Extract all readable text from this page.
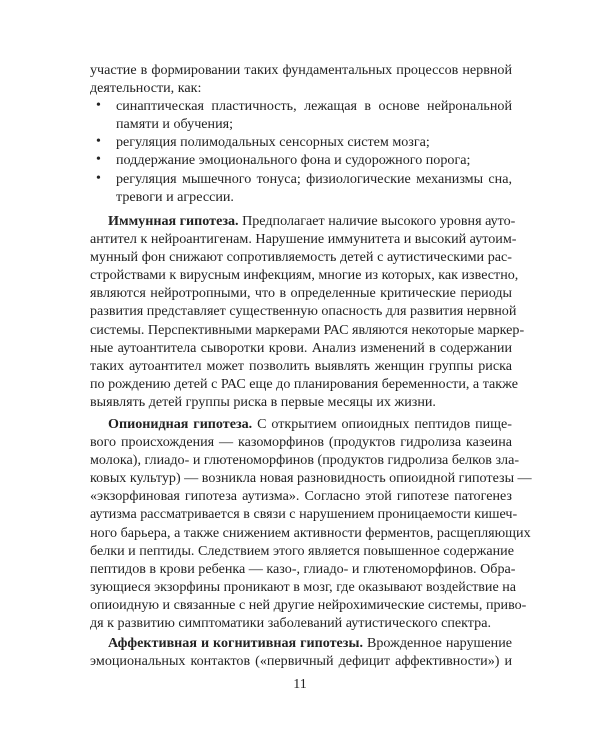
участие в формировании таких фундаментальных процессов нервной
деятельности, как:
•	синаптическая пластичность, лежащая в основе нейрональной
памяти и обучения;
•	регуляция полимодальных сенсорных систем мозга;
•	поддержание эмоционального фона и судорожного порога;
•	регуляция мышечного тонуса; физиологические механизмы сна,
тревоги и агрессии.
Иммунная гипотеза. Предполагает наличие высокого уровня ауто-
антител к нейроантигенам. Нарушение иммунитета и высокий аутоим-
мунный фон снижают сопротивляемость детей с аутистическими рас-
стройствами к вирусным инфекциям, многие из которых, как известно,
являются нейротропными, что в определенные критические периоды
развития представляет существенную опасность для развития нервной
системы. Перспективными маркерами РАС являются некоторые маркер-
ные аутоантитела сыворотки крови. Анализ изменений в содержании
таких аутоантител может позволить выявлять женщин группы риска
по рождению детей с РАС еще до планирования беременности, а также
выявлять детей группы риска в первые месяцы их жизни.
Опионидная гипотеза. С открытием опиоидных пептидов пище-
вого происхождения — казоморфинов (продуктов гидролиза казеина
молока), глиадо- и глютеноморфинов (продуктов гидролиза белков зла-
ковых культур) — возникла новая разновидность опиоидной гипотезы —
«экзорфиновая гипотеза аутизма». Согласно этой гипотезе патогенез
аутизма рассматривается в связи с нарушением проницаемости кишеч-
ного барьера, а также снижением активности ферментов, расщепляющих
белки и пептиды. Следствием этого является повышенное содержание
пептидов в крови ребенка — казо-, глиадо- и глютеноморфинов. Обра-
зующиеся экзорфины проникают в мозг, где оказывают воздействие на
опиоидную и связанные с ней другие нейрохимические системы, приво-
дя к развитию симптоматики заболеваний аутистического спектра.
Аффективная и когнитивная гипотезы. Врожденное нарушение
эмоциональных контактов («первичный дефицит аффективности») и
11
